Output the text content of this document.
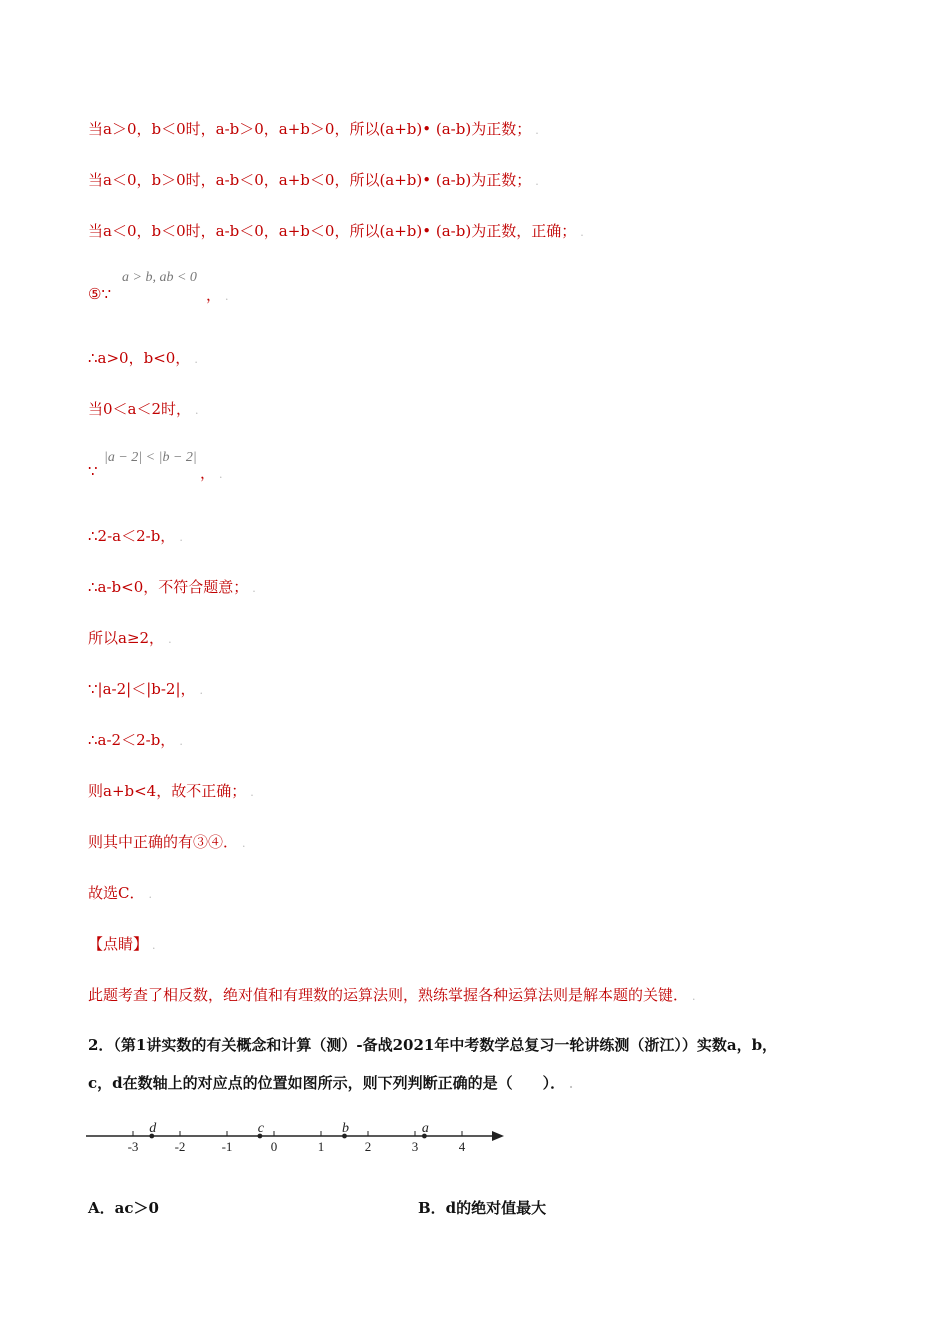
当a＞0，b＜0时，a-b＞0，a+b＞0，所以(a+b)• (a-b)为正数； .
当a＜0，b＞0时，a-b＜0，a+b＜0，所以(a+b)• (a-b)为正数； .
当a＜0，b＜0时，a-b＜0，a+b＜0，所以(a+b)• (a-b)为正数，正确； .
⑤∵
a > b, ab < 0
， .
∴a>0，b<0， .
当0＜a＜2时， .
∵
|a − 2| < |b − 2|
， .
∴2-a＜2-b， .
∴a-b<0，不符合题意； .
所以a≥2， .
∵|a-2|＜|b-2|， .
∴a-2＜2-b， .
则a+b<4，故不正确； .
则其中正确的有③④． .
故选C． .
【点睛】 .
此题考查了相反数，绝对值和有理数的运算法则，熟练掌握各种运算法则是解本题的关键． .
2．（第1讲实数的有关概念和计算（测）-备战2021年中考数学总复习一轮讲练测（浙江））实数a，b，
c，d在数轴上的对应点的位置如图所示，则下列判断正确的是（　　）． .
-3	-2	-1	0	1	2	3	4
d	c	b	a
A．ac＞0	B．d的绝对值最大
